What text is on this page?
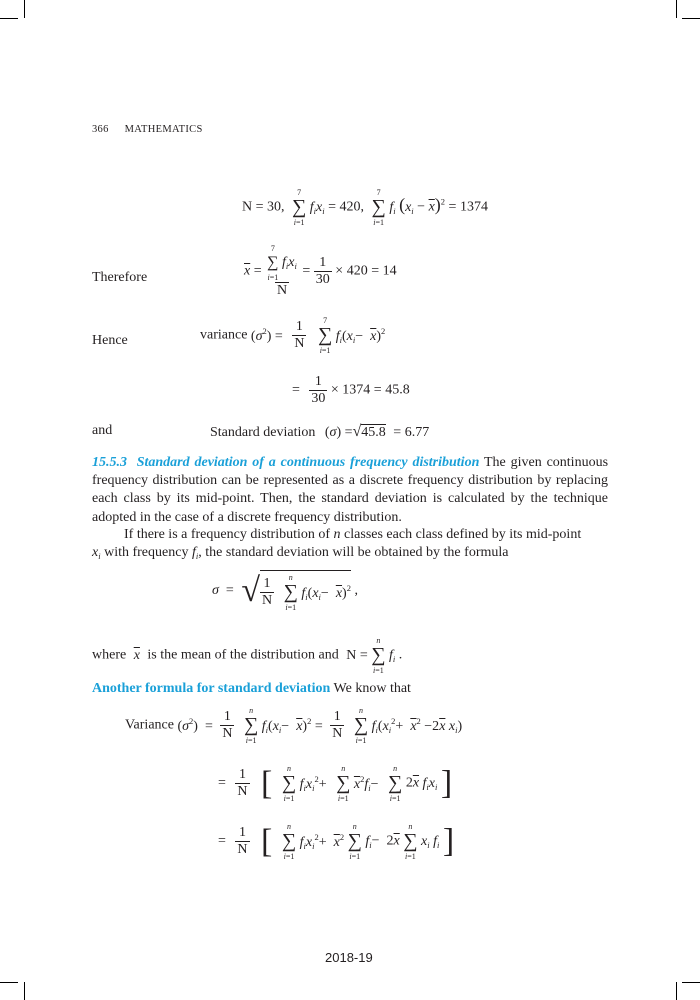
366 MATHEMATICS
N = 30,
7
∑
i=1
$f_ix_i = 420$,
7
∑
i=1
$f_i$ $(x_i - \overline{x})^2 = 1374$
Therefore	$\overline{x} = 7$
∑
i=1
$f_ix_i$
$N = \frac{1}{30} \times 420 = 14$
Hence	variance $(\sigma^2) = \frac{1}{N}$
	7
∑
i=1
$f_i(x_i- \overline{x})^2$
= $\frac{1}{30} \times 1374 = 45.8$
and	Standard deviation (σ) =√45.8 = 6.77
15.5.3 Standard deviation of a continuous frequency distribution The given continuous frequency distribution can be represented as a discrete frequency distribution by replacing each class by its mid-point. Then, the standard deviation is calculated by the technique adopted in the case of a discrete frequency distribution.
If there is a frequency distribution of n classes each class defined by its mid-point
$x_i$ with frequency $f_i$, the standard deviation will be obtained by the formula
σ  = √ $\frac{1}{N}$
	n
∑
i=1
$f_i(x_i- \overline{x})^2$ ,
where $\overline{x}$ is the mean of the distribution and N =
n
∑
i=1
$f_i$ .
Another formula for standard deviation We know that
Variance $(\sigma^2) = \frac{1}{N}$
	n
∑
i=1
$f_i(x_i- \overline{x})^2 = \frac{1}{N}$
	n
∑
i=1
$f_i(x_i^2+ \overline{x}^2 -2\overline{x}$ $x_i$)
= $\frac{1}{N}$ [	n
∑
i=1
$f_ix_i^2+$
n
∑
i=1
$\overline{x}^2f_i-$
n
∑
i=1
$2\overline{x}$ $f_ix_i$ ]
= $\frac{1}{N}$ [	n
∑
i=1
$f_ix_i^2+ \overline{x}^2$
n
∑
i=1
$f_i- 2\overline{x}$
n
∑
i=1
$x_i$ $f_i$ ]
2018-19
